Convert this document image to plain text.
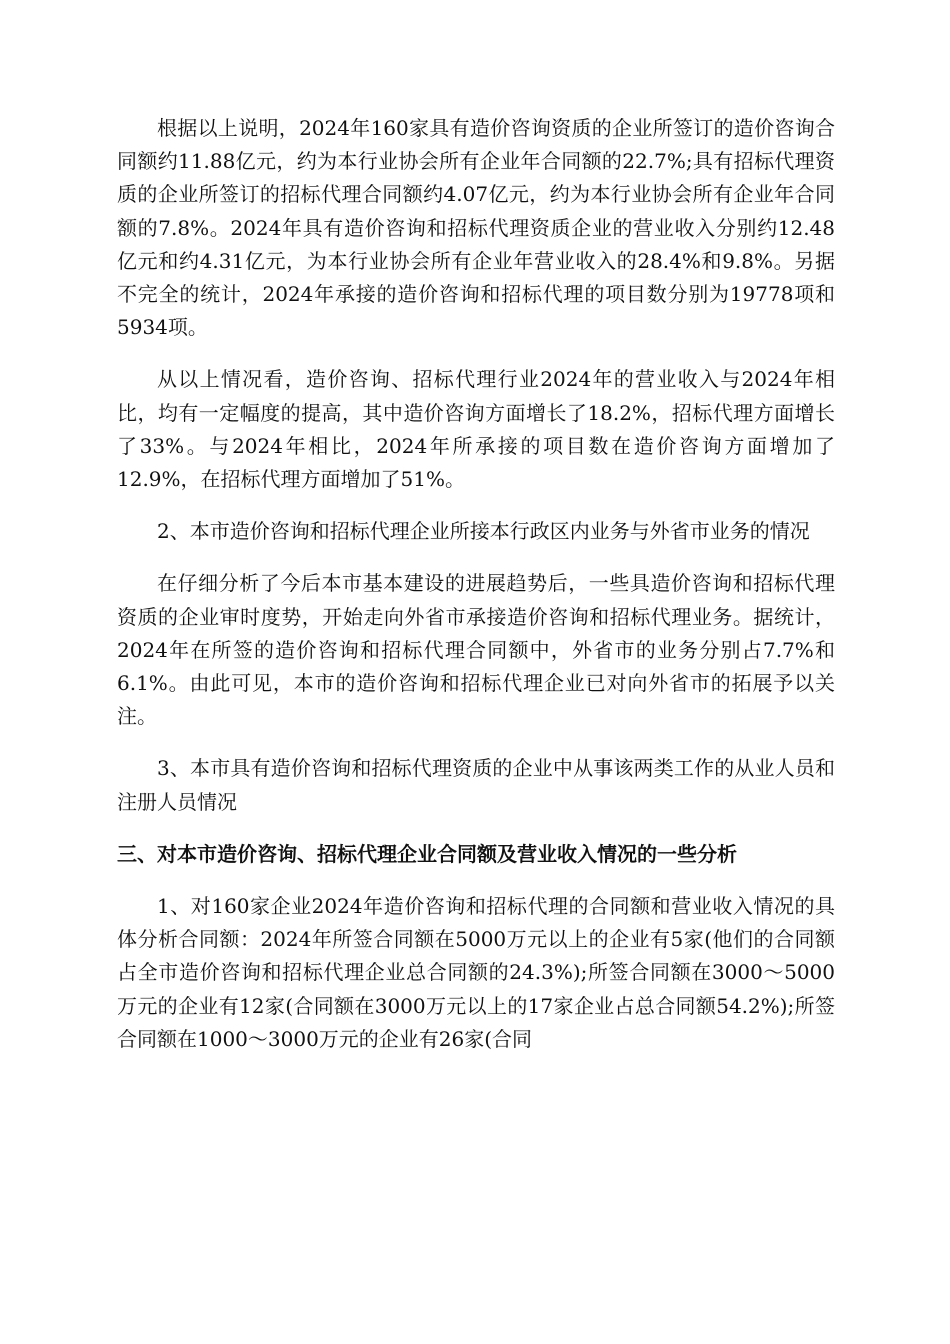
根据以上说明，2024年160家具有造价咨询资质的企业所签订的造价咨询合同额约11.88亿元，约为本行业协会所有企业年合同额的22.7%;具有招标代理资质的企业所签订的招标代理合同额约4.07亿元，约为本行业协会所有企业年合同额的7.8%。2024年具有造价咨询和招标代理资质企业的营业收入分别约12.48亿元和约4.31亿元，为本行业协会所有企业年营业收入的28.4%和9.8%。另据不完全的统计，2024年承接的造价咨询和招标代理的项目数分别为19778项和5934项。

从以上情况看，造价咨询、招标代理行业2024年的营业收入与2024年相比，均有一定幅度的提高，其中造价咨询方面增长了18.2%，招标代理方面增长了33%。与2024年相比，2024年所承接的项目数在造价咨询方面增加了12.9%，在招标代理方面增加了51%。

2、本市造价咨询和招标代理企业所接本行政区内业务与外省市业务的情况

在仔细分析了今后本市基本建设的进展趋势后，一些具造价咨询和招标代理资质的企业审时度势，开始走向外省市承接造价咨询和招标代理业务。据统计，2024年在所签的造价咨询和招标代理合同额中，外省市的业务分别占7.7%和6.1%。由此可见，本市的造价咨询和招标代理企业已对向外省市的拓展予以关注。

3、本市具有造价咨询和招标代理资质的企业中从事该两类工作的从业人员和注册人员情况

三、对本市造价咨询、招标代理企业合同额及营业收入情况的一些分析

1、对160家企业2024年造价咨询和招标代理的合同额和营业收入情况的具体分析合同额：2024年所签合同额在5000万元以上的企业有5家(他们的合同额占全市造价咨询和招标代理企业总合同额的24.3%);所签合同额在3000～5000万元的企业有12家(合同额在3000万元以上的17家企业占总合同额54.2%);所签合同额在1000～3000万元的企业有26家(合同
